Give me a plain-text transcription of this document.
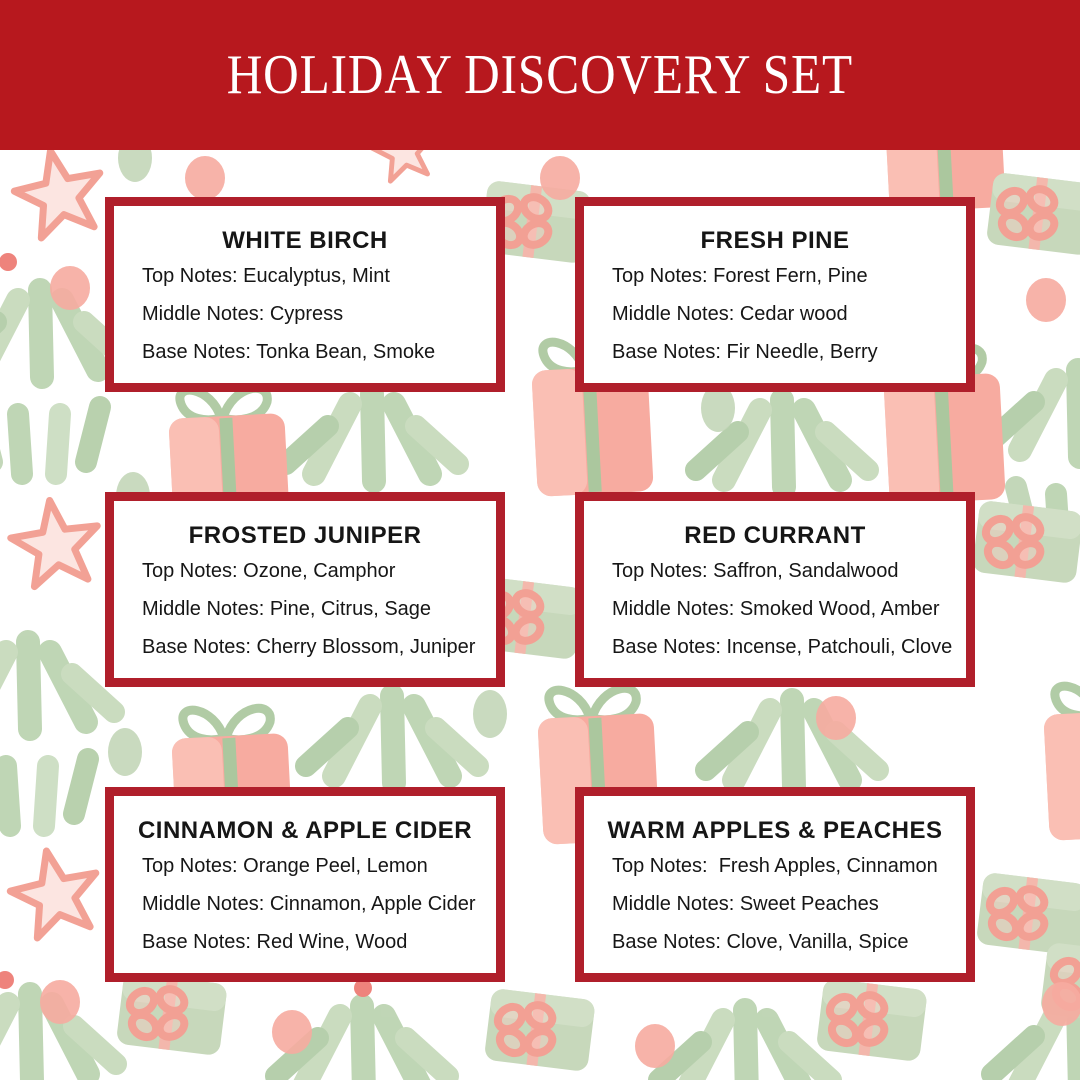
HOLIDAY DISCOVERY SET
WHITE BIRCH

Top Notes: Eucalyptus, Mint

Middle Notes: Cypress

Base Notes: Tonka Bean, Smoke

FRESH PINE

Top Notes: Forest Fern, Pine

Middle Notes: Cedar wood

Base Notes: Fir Needle, Berry

FROSTED JUNIPER

Top Notes: Ozone, Camphor

Middle Notes: Pine, Citrus, Sage

Base Notes: Cherry Blossom, Juniper

RED CURRANT

Top Notes: Saffron, Sandalwood

Middle Notes: Smoked Wood, Amber

Base Notes: Incense, Patchouli, Clove

CINNAMON & APPLE CIDER

Top Notes: Orange Peel, Lemon

Middle Notes: Cinnamon, Apple Cider

Base Notes: Red Wine, Wood

WARM APPLES & PEACHES

Top Notes:  Fresh Apples, Cinnamon

Middle Notes: Sweet Peaches

Base Notes: Clove, Vanilla, Spice
